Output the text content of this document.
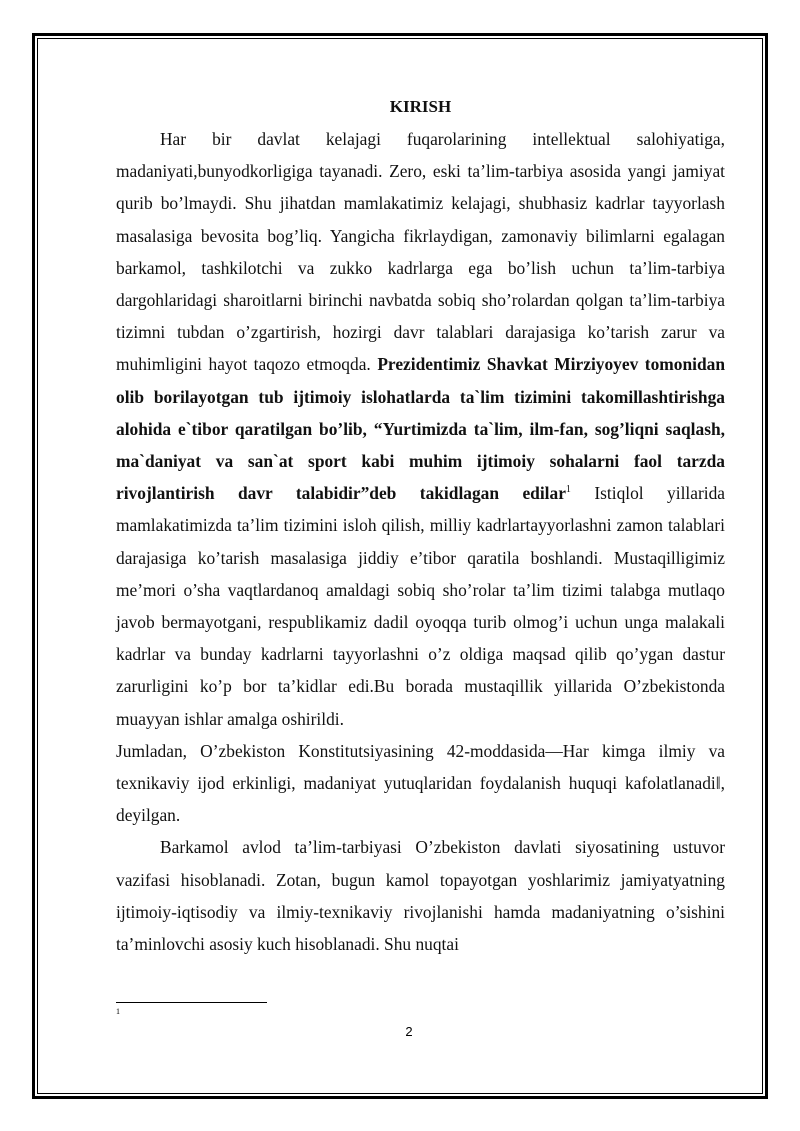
KIRISH

Har bir davlat kelajagi fuqarolarining intellektual salohiyatiga, madaniyati,bunyodkorligiga tayanadi. Zero, eski ta’lim-tarbiya asosida yangi jamiyat qurib bo’lmaydi. Shu jihatdan mamlakatimiz kelajagi, shubhasiz kadrlar tayyorlash masalasiga bevosita bog’liq. Yangicha fikrlaydigan, zamonaviy bilimlarni egalagan barkamol, tashkilotchi va zukko kadrlarga ega bo’lish uchun ta’lim-tarbiya dargohlaridagi sharoitlarni birinchi navbatda sobiq sho’rolardan qolgan ta’lim-tarbiya tizimni tubdan o’zgartirish, hozirgi davr talablari darajasiga ko’tarish zarur va muhimligini hayot taqozo etmoqda. Prezidentimiz Shavkat Mirziyoyev tomonidan olib borilayotgan tub ijtimoiy islohatlarda ta`lim tizimini takomillashtirishga alohida e`tibor qaratilgan bo’lib, “Yurtimizda ta`lim, ilm-fan, sog’liqni saqlash, ma`daniyat va san`at sport kabi muhim ijtimoiy sohalarni faol tarzda rivojlantirish davr talabidir”deb takidlagan edilar$^1$ Istiqlol yillarida mamlakatimizda ta’lim tizimini isloh qilish, milliy kadrlartayyorlashni zamon talablari darajasiga ko’tarish masalasiga jiddiy e’tibor qaratila boshlandi. Mustaqilligimiz me’mori o’sha vaqtlardanoq amaldagi sobiq sho’rolar ta’lim tizimi talabga mutlaqo javob bermayotgani, respublikamiz dadil oyoqqa turib olmog’i uchun unga malakali kadrlar va bunday kadrlarni tayyorlashni o’z oldiga maqsad qilib qo’ygan dastur zarurligini ko’p bor ta’kidlar edi.Bu borada mustaqillik yillarida O’zbekistonda muayyan ishlar amalga oshirildi.

Jumladan, O’zbekiston Konstitutsiyasining 42-moddasida—Har kimga ilmiy va texnikaviy ijod erkinligi, madaniyat yutuqlaridan foydalanish huquqi kafolatlanadi‖, deyilgan.

Barkamol avlod ta’lim-tarbiyasi O’zbekiston davlati siyosatining ustuvor vazifasi hisoblanadi. Zotan, bugun kamol topayotgan yoshlarimiz jamiyatyatning ijtimoiy-iqtisodiy va ilmiy-texnikaviy rivojlanishi hamda madaniyatning o’sishini ta’minlovchi asosiy kuch hisoblanadi. Shu nuqtai

1
2
